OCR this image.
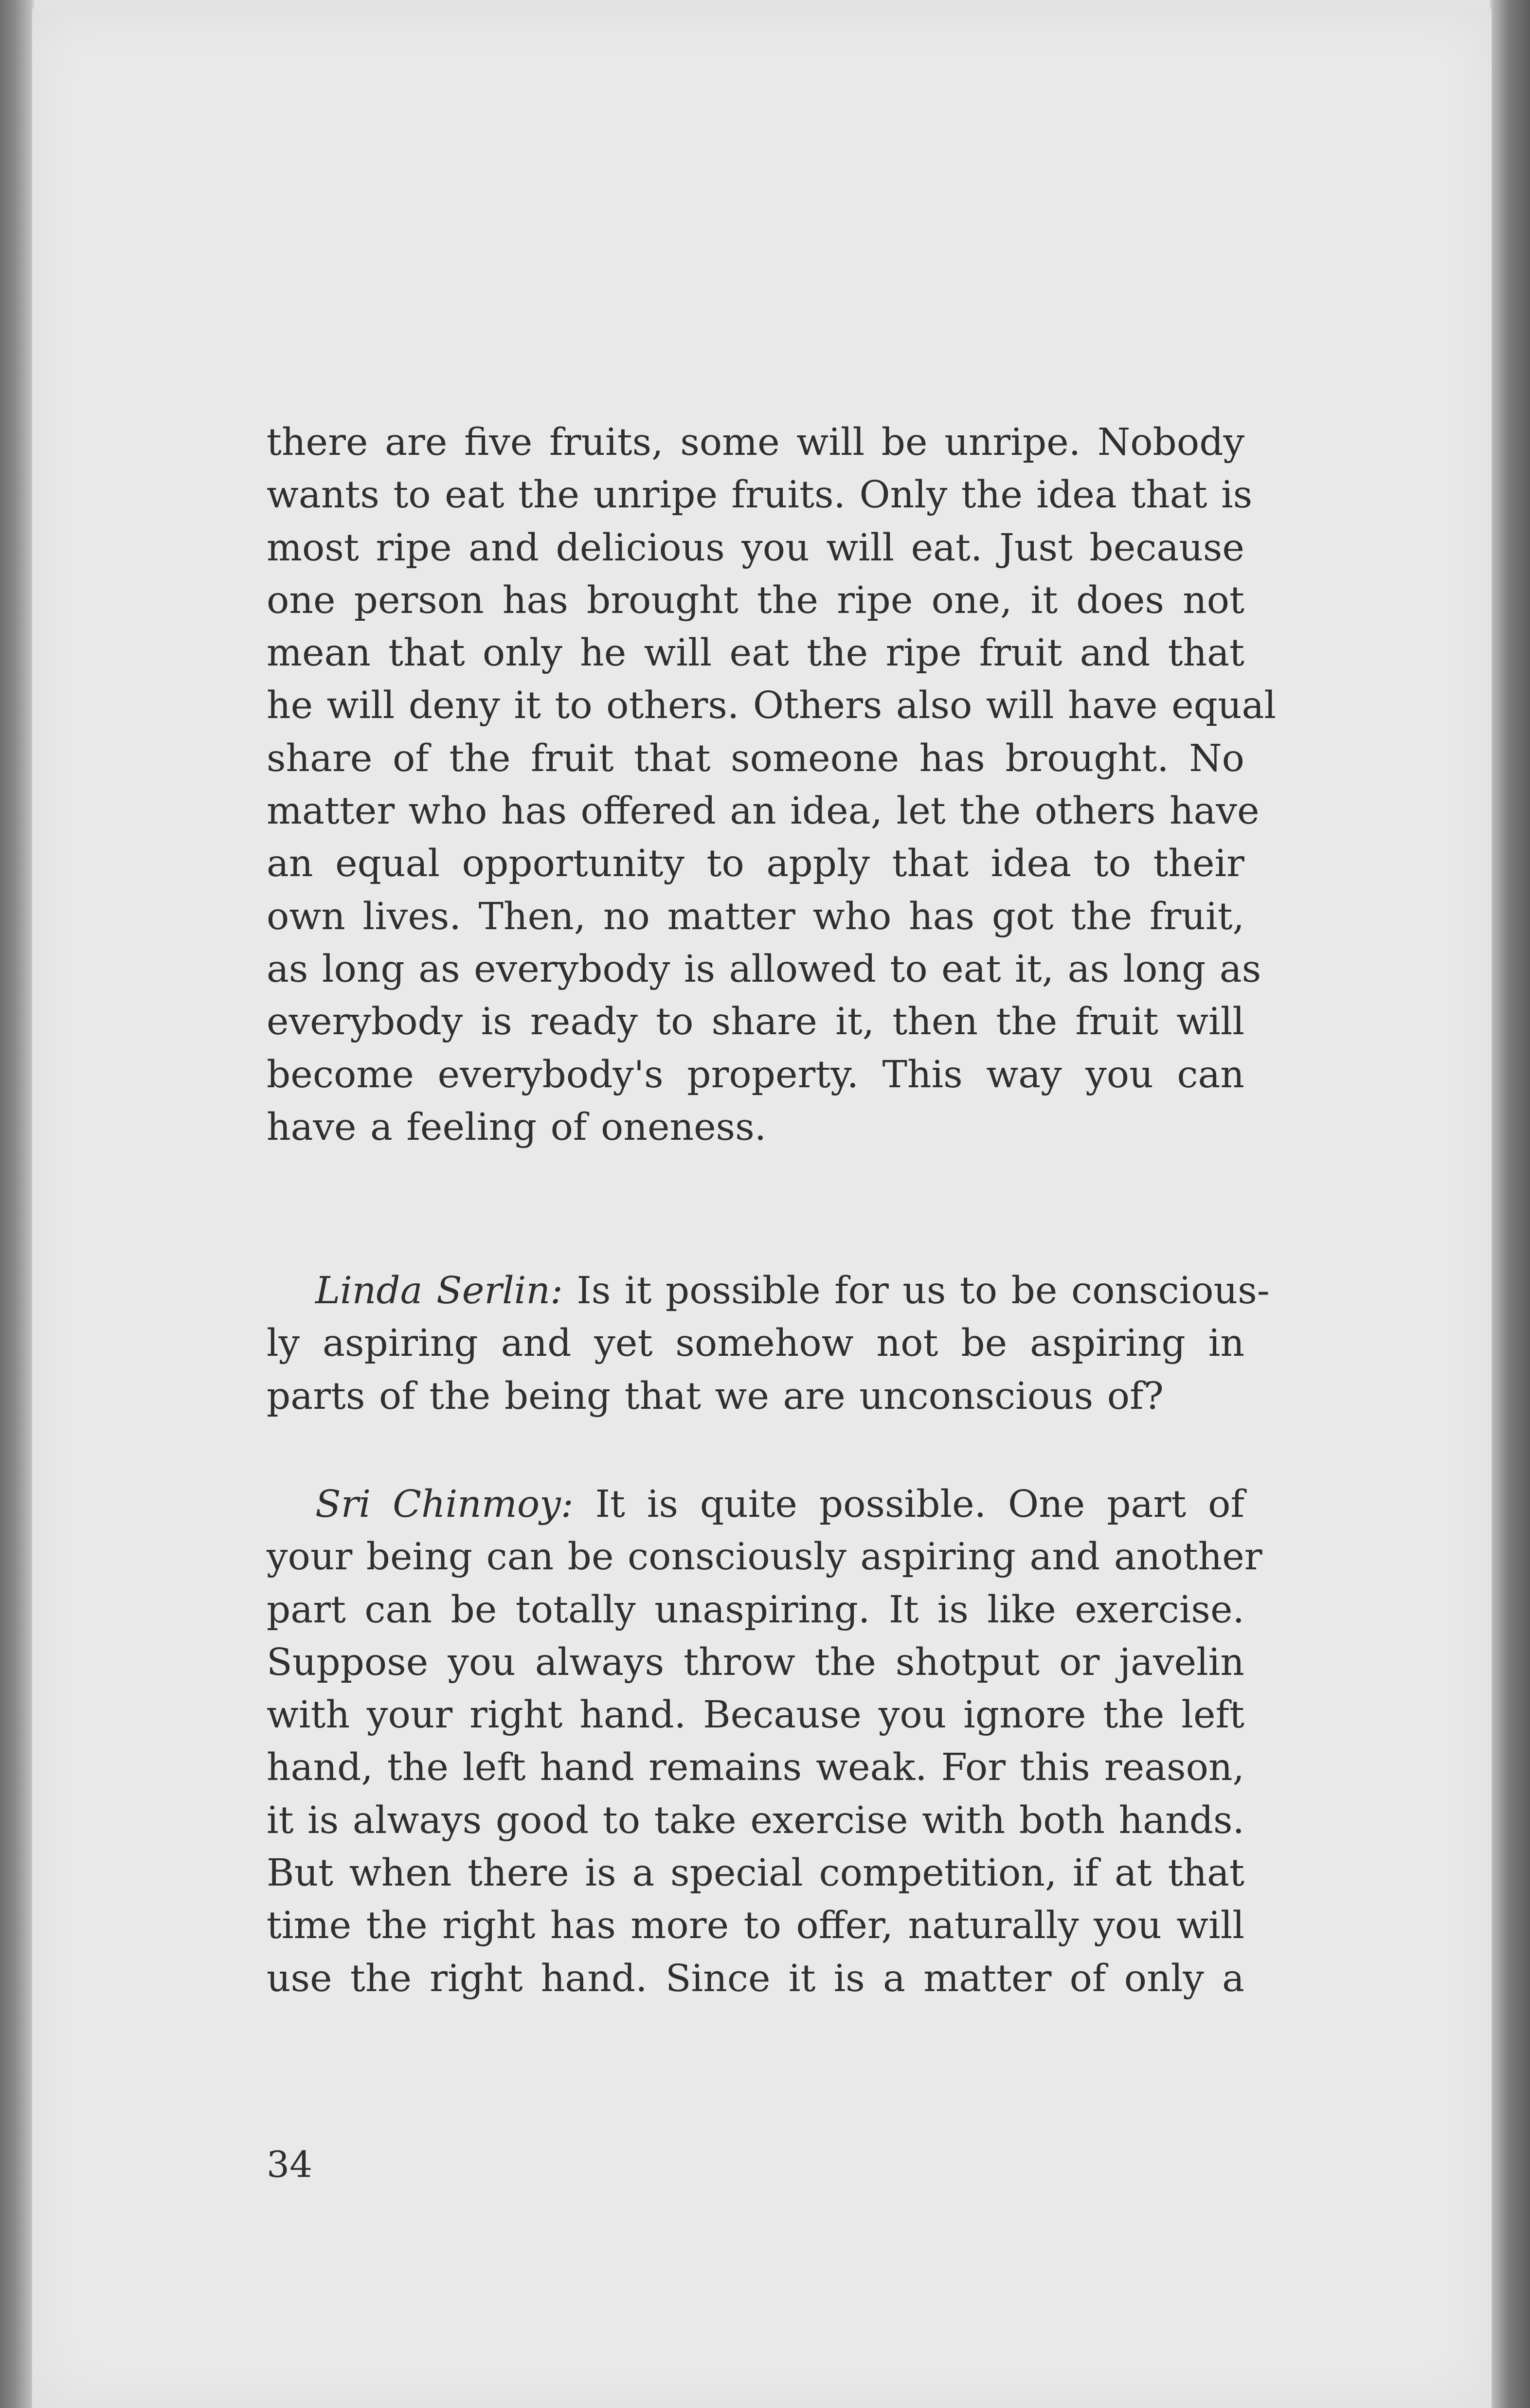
there are five fruits, some will be unripe. Nobody
wants to eat the unripe fruits. Only the idea that is
most ripe and delicious you will eat. Just because
one person has brought the ripe one, it does not
mean that only he will eat the ripe fruit and that
he will deny it to others. Others also will have equal
share of the fruit that someone has brought. No
matter who has offered an idea, let the others have
an equal opportunity to apply that idea to their
own lives. Then, no matter who has got the fruit,
as long as everybody is allowed to eat it, as long as
everybody is ready to share it, then the fruit will
become everybody's property. This way you can
have a feeling of oneness.
Linda Serlin: Is it possible for us to be conscious-
ly aspiring and yet somehow not be aspiring in
parts of the being that we are unconscious of?
Sri Chinmoy: It is quite possible. One part of
your being can be consciously aspiring and another
part can be totally unaspiring. It is like exercise.
Suppose you always throw the shotput or javelin
with your right hand. Because you ignore the left
hand, the left hand remains weak. For this reason,
it is always good to take exercise with both hands.
But when there is a special competition, if at that
time the right has more to offer, naturally you will
use the right hand. Since it is a matter of only a
34
